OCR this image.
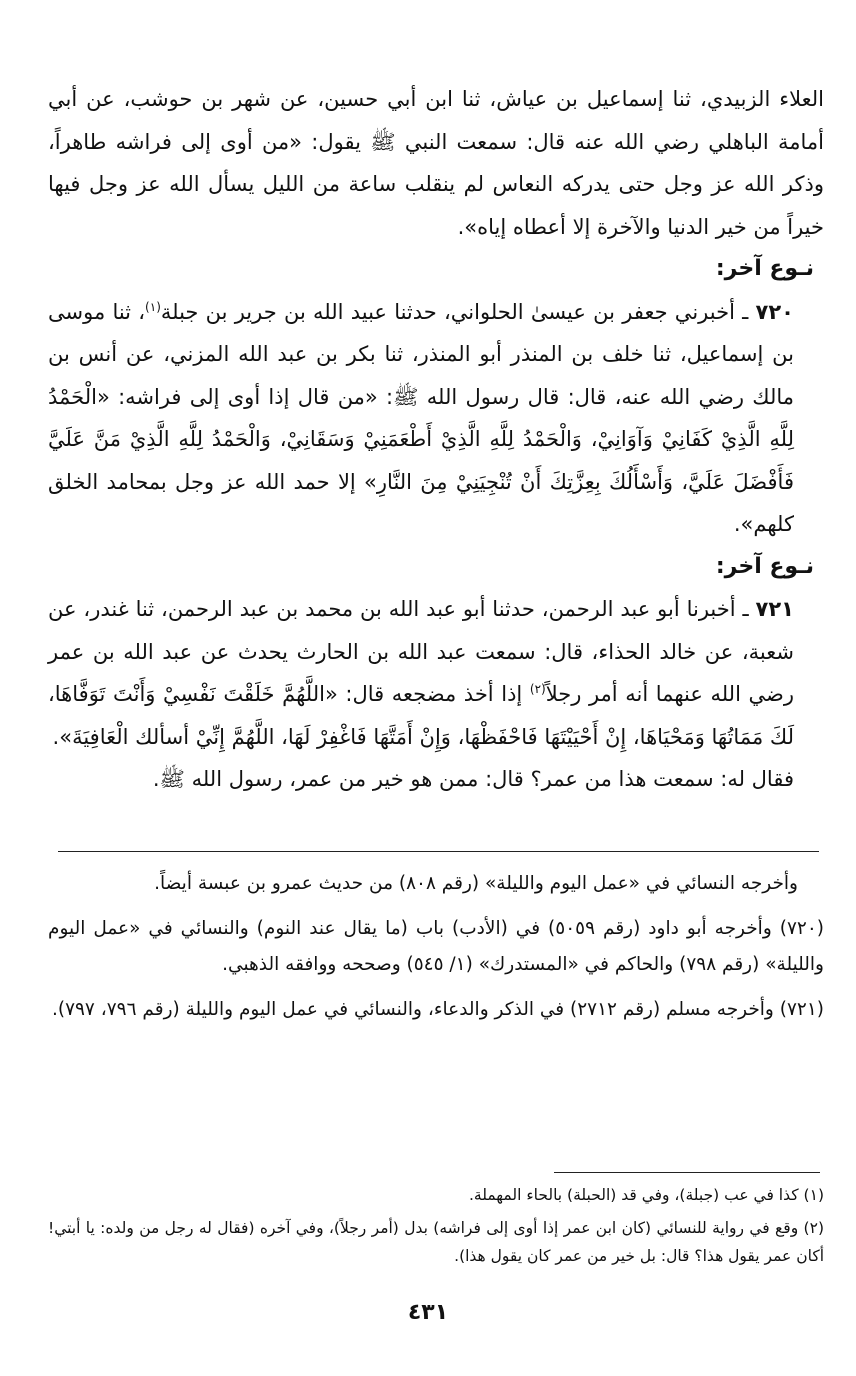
العلاء الزبيدي، ثنا إسماعيل بن عياش، ثنا ابن أبي حسين، عن شهر بن حوشب، عن أبي أمامة الباهلي رضي الله عنه قال: سمعت النبي ﷺ يقول: «من أوى إلى فراشه طاهراً، وذكر الله عز وجل حتى يدركه النعاس لم ينقلب ساعة من الليل يسأل الله عز وجل فيها خيراً من خير الدنيا والآخرة إلا أعطاه إياه».

نـوع آخر:

٧٢٠ ـ أخبرني جعفر بن عيسىٰ الحلواني، حدثنا عبيد الله بن جرير بن جبلة$^{(١)}$، ثنا موسى بن إسماعيل، ثنا خلف بن المنذر أبو المنذر، ثنا بكر بن عبد الله المزني، عن أنس بن مالك رضي الله عنه، قال: قال رسول الله ﷺ: «من قال إذا أوى إلى فراشه: «الْحَمْدُ لِلَّهِ الَّذِيْ كَفَانِيْ وَآوَانِيْ، وَالْحَمْدُ لِلَّهِ الَّذِيْ أَطْعَمَنِيْ وَسَقَانِيْ، وَالْحَمْدُ لِلَّهِ الَّذِيْ مَنَّ عَلَيَّ فَأَفْضَلَ عَلَيَّ، وَأَسْأَلُكَ بِعِزَّتِكَ أَنْ تُنْجِيَنِيْ مِنَ النَّارِ» إلا حمد الله عز وجل بمحامد الخلق كلهم».

نـوع آخر:

٧٢١ ـ أخبرنا أبو عبد الرحمن، حدثنا أبو عبد الله بن محمد بن عبد الرحمن، ثنا غندر، عن شعبة، عن خالد الحذاء، قال: سمعت عبد الله بن الحارث يحدث عن عبد الله بن عمر رضي الله عنهما أنه أمر رجلاً$^{(٢)}$ إذا أخذ مضجعه قال: «اللَّهُمَّ خَلَقْتَ نَفْسِيْ وَأَنْتَ تَوَفَّاهَا، لَكَ مَمَاتُهَا وَمَحْيَاهَا، إِنْ أَحْيَيْتَهَا فَاحْفَظْهَا، وَإِنْ أَمَتَّهَا فَاغْفِرْ لَهَا، اللَّهُمَّ إِنِّيْ أسألك الْعَافِيَةَ».

فقال له: سمعت هذا من عمر؟ قال: ممن هو خير من عمر، رسول الله ﷺ.

وأخرجه النسائي في «عمل اليوم والليلة» (رقم ٨٠٨) من حديث عمرو بن عبسة أيضاً.

(٧٢٠) وأخرجه أبو داود (رقم ٥٠٥٩) في (الأدب) باب (ما يقال عند النوم) والنسائي في «عمل اليوم والليلة» (رقم ٧٩٨) والحاكم في «المستدرك» (١/ ٥٤٥) وصححه ووافقه الذهبي.

(٧٢١) وأخرجه مسلم (رقم ٢٧١٢) في الذكر والدعاء، والنسائي في عمل اليوم والليلة (رقم ٧٩٦، ٧٩٧).

(١) كذا في عب (جبلة)، وفي قد (الحبلة) بالحاء المهملة.

(٢) وقع في رواية للنسائي (كان ابن عمر إذا أوى إلى فراشه) بدل (أمر رجلاً)، وفي آخره (فقال له رجل من ولده: يا أبتي! أكان عمر يقول هذا؟ قال: بل خير من عمر كان يقول هذا).

٤٣١
